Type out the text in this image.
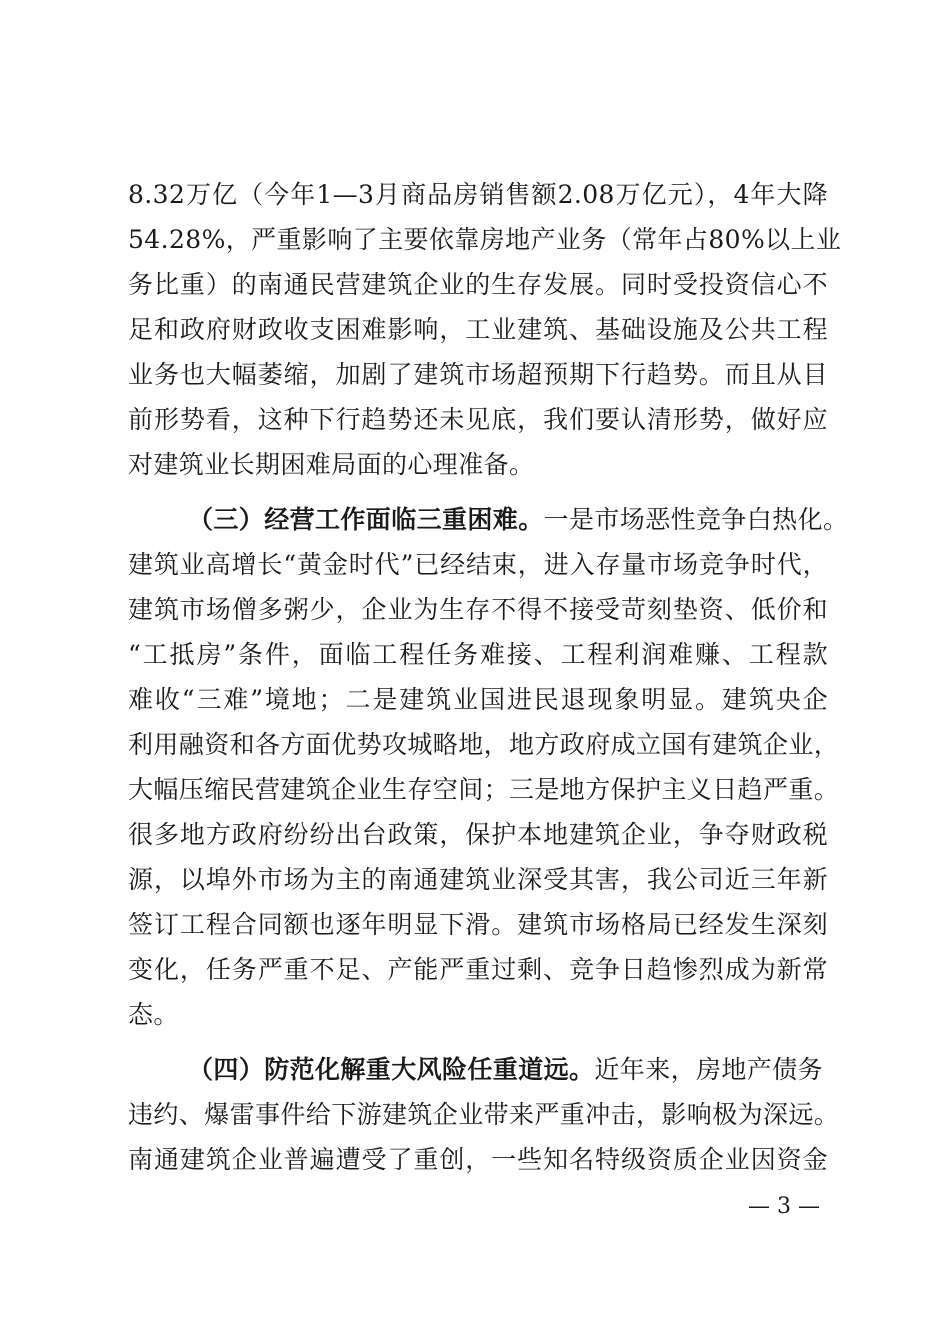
8.32万亿（今年1—3月商品房销售额2.08万亿元），4年大降
54.28%，严重影响了主要依靠房地产业务（常年占80%以上业
务比重）的南通民营建筑企业的生存发展。同时受投资信心不
足和政府财政收支困难影响，工业建筑、基础设施及公共工程
业务也大幅萎缩，加剧了建筑市场超预期下行趋势。而且从目
前形势看，这种下行趋势还未见底，我们要认清形势，做好应
对建筑业长期困难局面的心理准备。
（三）经营工作面临三重困难。一是市场恶性竞争白热化。
建筑业高增长“黄金时代”已经结束，进入存量市场竞争时代，
建筑市场僧多粥少，企业为生存不得不接受苛刻垫资、低价和
“工抵房”条件，面临工程任务难接、工程利润难赚、工程款
难收“三难”境地；二是建筑业国进民退现象明显。建筑央企
利用融资和各方面优势攻城略地，地方政府成立国有建筑企业，
大幅压缩民营建筑企业生存空间；三是地方保护主义日趋严重。
很多地方政府纷纷出台政策，保护本地建筑企业，争夺财政税
源，以埠外市场为主的南通建筑业深受其害，我公司近三年新
签订工程合同额也逐年明显下滑。建筑市场格局已经发生深刻
变化，任务严重不足、产能严重过剩、竞争日趋惨烈成为新常
态。
（四）防范化解重大风险任重道远。近年来，房地产债务
违约、爆雷事件给下游建筑企业带来严重冲击，影响极为深远。
南通建筑企业普遍遭受了重创，一些知名特级资质企业因资金
— 3 —
